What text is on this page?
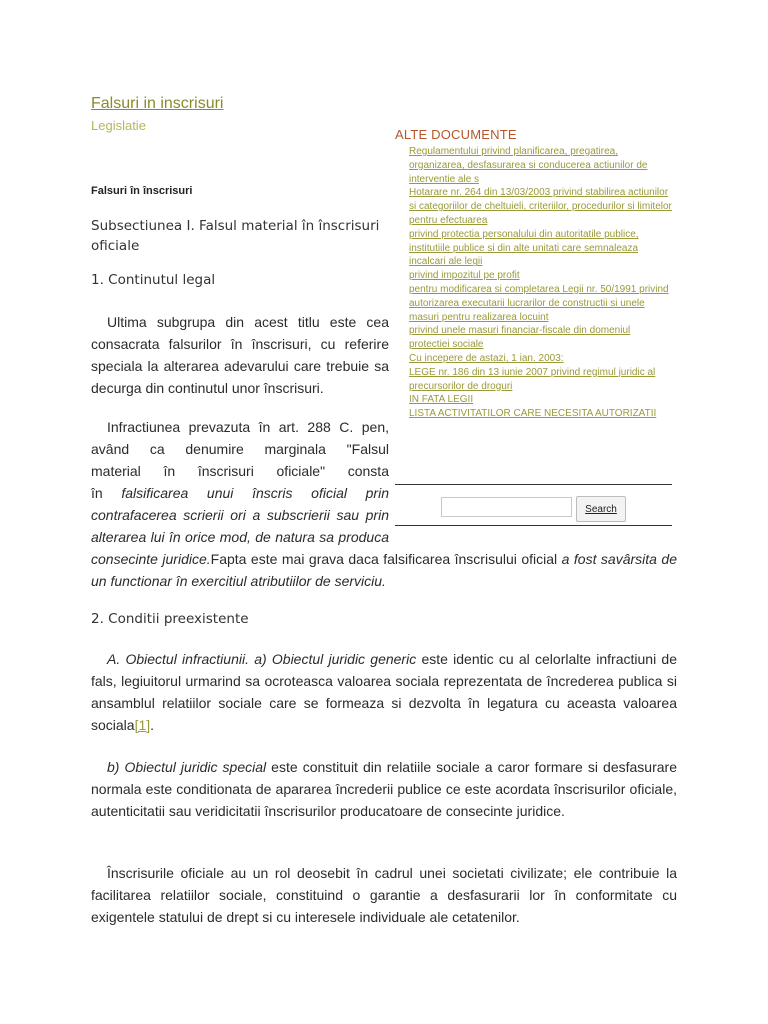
Falsuri in inscrisuri
Legislatie
ALTE DOCUMENTE
Regulamentului privind planificarea, pregatirea, organizarea, desfasurarea si conducerea actiunilor de interventie ale s
Hotarare nr. 264 din 13/03/2003 privind stabilirea actiunilor si categoriilor de cheltuieli, criteriilor, procedurilor si limitelor pentru efectuarea
privind protectia personalului din autoritatile publice, institutiile publice si din alte unitati care semnaleaza incalcari ale legii
privind impozitul pe profit
pentru modificarea si completarea Legii nr. 50/1991 privind autorizarea executarii lucrarilor de constructii si unele masuri pentru realizarea locuint
privind unele masuri financiar-fiscale din domeniul protectiei sociale
Cu incepere de astazi, 1 ian. 2003:
LEGE nr. 186 din 13 iunie 2007 privind regimul juridic al precursorilor de droguri
IN FATA LEGII
LISTA ACTIVITATILOR CARE NECESITA AUTORIZATII
Search
Falsuri în înscrisuri
Subsectiunea I. Falsul material în înscrisuri oficiale
1. Continutul legal

Ultima subgrupa din acest titlu este cea consacrata falsurilor în înscrisuri, cu referire speciala la alterarea adevarului care trebuie sa decurga din continutul unor înscrisuri.

Infractiunea prevazuta în art. 288 C. pen,
având ca denumire marginala "Falsul
material în înscrisuri oficiale" consta

în falsificarea unui înscris oficial prin contrafacerea scrierii ori a subscrierii sau prin alterarea lui în orice mod, de natura sa produca consecinte juridice.Fapta este mai grava daca falsificarea înscrisului oficial a fost savârsita de un functionar în exercitiul atributiilor de serviciu.

2. Conditii preexistente

A. Obiectul infractiunii. a) Obiectul juridic generic este identic cu al celorlalte infractiuni de fals, legiuitorul urmarind sa ocroteasca valoarea sociala reprezentata de încrederea publica si ansamblul relatiilor sociale care se formeaza si dezvolta în legatura cu aceasta valoarea sociala[1].

b) Obiectul juridic special este constituit din relatiile sociale a caror formare si desfasurare normala este conditionata de apararea încrederii publice ce este acordata înscrisurilor oficiale, autenticitatii sau veridicitatii înscrisurilor producatoare de consecinte juridice.

Înscrisurile oficiale au un rol deosebit în cadrul unei societati civilizate; ele contribuie la facilitarea relatiilor sociale, constituind o garantie a desfasurarii lor în conformitate cu exigentele statului de drept si cu interesele individuale ale cetatenilor.
